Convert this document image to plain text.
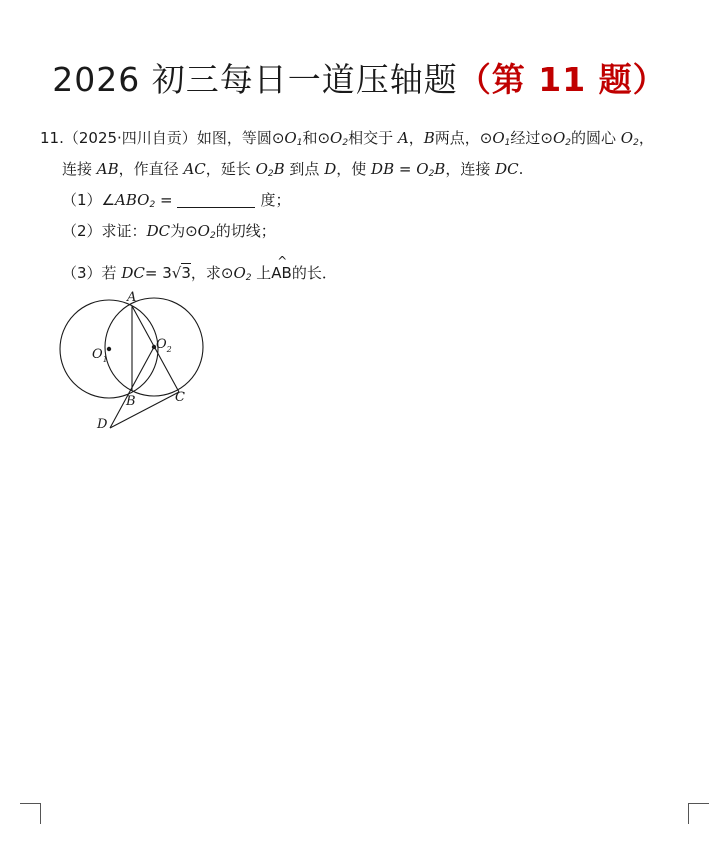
2026 初三每日一道压轴题（第 11 题）
11.（2025·四川自贡）如图，等圆$⊙O_1$和$⊙O_2$相交于 A，B两点，$⊙O_1$经过$⊙O_2$的圆心 $O_2$，
连接 AB，作直径 AC，延长 $O_2B$ 到点 D，使 DB = $O_2B$，连接 DC.
$(1)\angle ABO_2$ =	度；
（2）求证：DC为$⊙O_2$的切线；
（3）若 DC= 3√3，求$⊙O_2$ 上
^
AB的长．
A
$O_1$
$O_2$
B	C
D
